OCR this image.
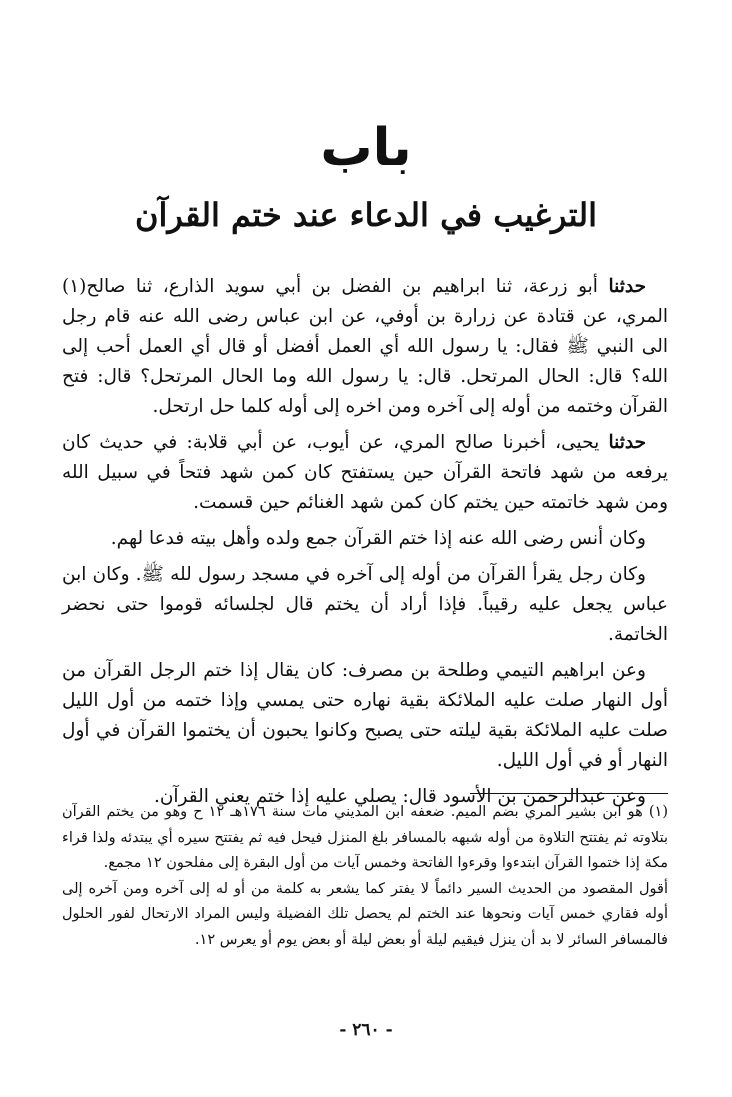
باب
الترغيب في الدعاء عند ختم القرآن

حدثنا أبو زرعة، ثنا ابراهيم بن الفضل بن أبي سويد الذارع، ثنا صالح(١) المري، عن قتادة عن زرارة بن أوفي، عن ابن عباس رضى الله عنه قام رجل الى النبي ﷺ فقال: يا رسول الله أي العمل أفضل أو قال أي العمل أحب إلى الله؟ قال: الحال المرتحل. قال: يا رسول الله وما الحال المرتحل؟ قال: فتح القرآن وختمه من أوله إلى آخره ومن اخره إلى أوله كلما حل ارتحل.

حدثنا يحيى، أخبرنا صالح المري، عن أيوب، عن أبي قلابة: في حديث كان يرفعه من شهد فاتحة القرآن حين يستفتح كان كمن شهد فتحاً في سبيل الله ومن شهد خاتمته حين يختم كان كمن شهد الغنائم حين قسمت.

وكان أنس رضى الله عنه إذا ختم القرآن جمع ولده وأهل بيته فدعا لهم.

وكان رجل يقرأ القرآن من أوله إلى آخره في مسجد رسول لله ﷺ. وكان ابن عباس يجعل عليه رقيباً. فإذا أراد أن يختم قال لجلسائه قوموا حتى نحضر الخاتمة.

وعن ابراهيم التيمي وطلحة بن مصرف: كان يقال إذا ختم الرجل القرآن من أول النهار صلت عليه الملائكة بقية نهاره حتى يمسي وإذا ختمه من أول الليل صلت عليه الملائكة بقية ليلته حتى يصبح وكانوا يحبون أن يختموا القرآن في أول النهار أو في أول الليل.

وعن عبدالرحمن بن الأسود قال: يصلي عليه إذا ختم يعني القرآن.

(١) هو ابن بشير المري بضم الميم. ضعفه ابن المديني مات سنة ١٧٦هـ ١٢ ح وهو من يختم القرآن بتلاوته ثم يفتتح التلاوة من أوله شبهه بالمسافر بلغ المنزل فيحل فيه ثم يفتتح سيره أي يبتدئه ولذا قراء مكة إذا ختموا القرآن ابتدءوا وقرءوا الفاتحة وخمس آيات من أول البقرة إلى مفلحون ١٢ مجمع.

أقول المقصود من الحديث السير دائماً لا يفتر كما يشعر به كلمة من أو له إلى آخره ومن آخره إلى أوله فقاري خمس آيات ونحوها عند الختم لم يحصل تلك الفضيلة وليس المراد الارتحال لفور الحلول فالمسافر السائر لا بد أن ينزل فيقيم ليلة أو بعض ليلة أو بعض يوم أو يعرس ١٢.

- ٢٦٠ -
